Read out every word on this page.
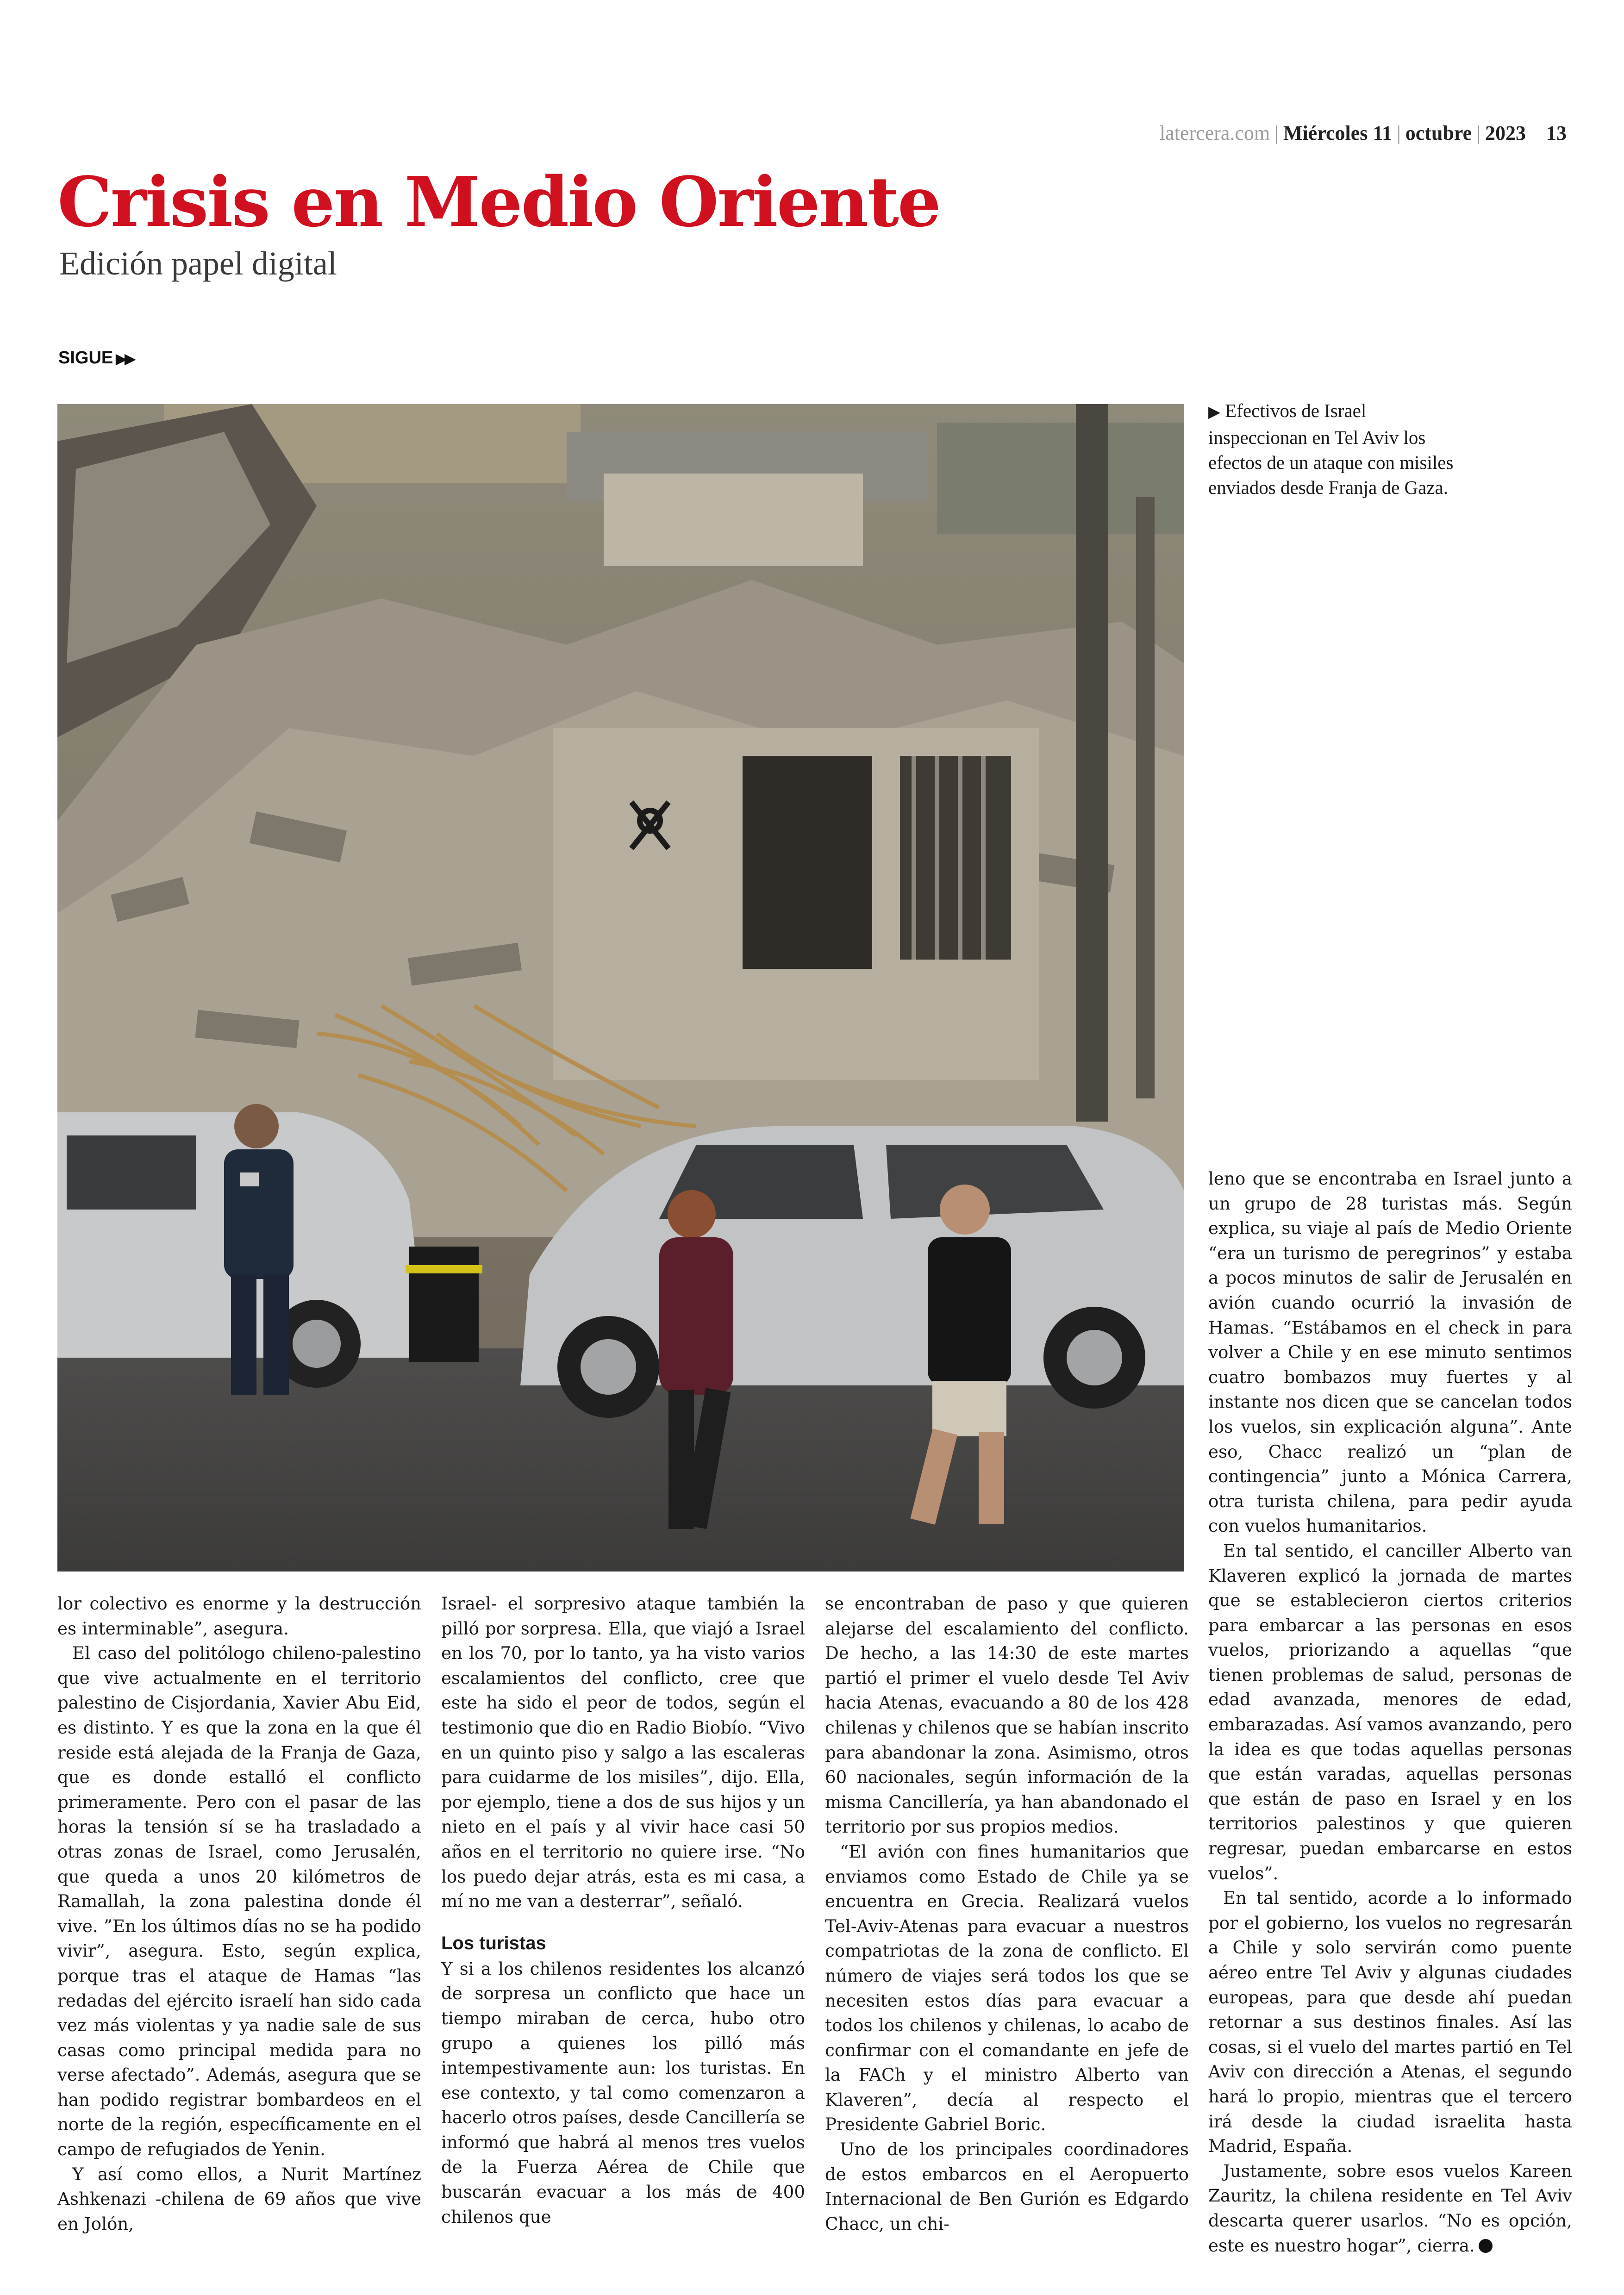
latercera.com | Miércoles 11 | octubre | 2023 13
Crisis en Medio Oriente
Edición papel digital
SIGUE ▶▶
▶ Efectivos de Israel inspeccionan en Tel Aviv los efectos de un ataque con misiles enviados desde Franja de Gaza.

lor colectivo es enorme y la destrucción es interminable”, asegura.

El caso del politólogo chileno-palestino que vive actualmente en el territorio palestino de Cisjordania, Xavier Abu Eid, es distinto. Y es que la zona en la que él reside está alejada de la Franja de Gaza, que es donde estalló el conflicto primeramente. Pero con el pasar de las horas la tensión sí se ha trasladado a otras zonas de Israel, como Jerusalén, que queda a unos 20 kilómetros de Ramallah, la zona palestina donde él vive. ”En los últimos días no se ha podido vivir”, asegura. Esto, según explica, porque tras el ataque de Hamas “las redadas del ejército israelí han sido cada vez más violentas y ya nadie sale de sus casas como principal medida para no verse afectado”. Además, asegura que se han podido registrar bombardeos en el norte de la región, específicamente en el campo de refugiados de Yenin.

Y así como ellos, a Nurit Martínez Ashkenazi -chilena de 69 años que vive en Jolón,

Israel- el sorpresivo ataque también la pilló por sorpresa. Ella, que viajó a Israel en los 70, por lo tanto, ya ha visto varios escalamientos del conflicto, cree que este ha sido el peor de todos, según el testimonio que dio en Radio Biobío. “Vivo en un quinto piso y salgo a las escaleras para cuidarme de los misiles”, dijo. Ella, por ejemplo, tiene a dos de sus hijos y un nieto en el país y al vivir hace casi 50 años en el territorio no quiere irse. “No los puedo dejar atrás, esta es mi casa, a mí no me van a desterrar”, señaló.

Los turistas

Y si a los chilenos residentes los alcanzó de sorpresa un conflicto que hace un tiempo miraban de cerca, hubo otro grupo a quienes los pilló más intempestivamente aun: los turistas. En ese contexto, y tal como comenzaron a hacerlo otros países, desde Cancillería se informó que habrá al menos tres vuelos de la Fuerza Aérea de Chile que buscarán evacuar a los más de 400 chilenos que

se encontraban de paso y que quieren alejarse del escalamiento del conflicto. De hecho, a las 14:30 de este martes partió el primer el vuelo desde Tel Aviv hacia Atenas, evacuando a 80 de los 428 chilenas y chilenos que se habían inscrito para abandonar la zona. Asimismo, otros 60 nacionales, según información de la misma Cancillería, ya han abandonado el territorio por sus propios medios.

“El avión con fines humanitarios que enviamos como Estado de Chile ya se encuentra en Grecia. Realizará vuelos Tel-Aviv-Atenas para evacuar a nuestros compatriotas de la zona de conflicto. El número de viajes será todos los que se necesiten estos días para evacuar a todos los chilenos y chilenas, lo acabo de confirmar con el comandante en jefe de la FACh y el ministro Alberto van Klaveren”, decía al respecto el Presidente Gabriel Boric.

Uno de los principales coordinadores de estos embarcos en el Aeropuerto Internacional de Ben Gurión es Edgardo Chacc, un chi-

leno que se encontraba en Israel junto a un grupo de 28 turistas más. Según explica, su viaje al país de Medio Oriente “era un turismo de peregrinos” y estaba a pocos minutos de salir de Jerusalén en avión cuando ocurrió la invasión de Hamas. “Estábamos en el check in para volver a Chile y en ese minuto sentimos cuatro bombazos muy fuertes y al instante nos dicen que se cancelan todos los vuelos, sin explicación alguna”. Ante eso, Chacc realizó un “plan de contingencia” junto a Mónica Carrera, otra turista chilena, para pedir ayuda con vuelos humanitarios.

En tal sentido, el canciller Alberto van Klaveren explicó la jornada de martes que se establecieron ciertos criterios para embarcar a las personas en esos vuelos, priorizando a aquellas “que tienen problemas de salud, personas de edad avanzada, menores de edad, embarazadas. Así vamos avanzando, pero la idea es que todas aquellas personas que están varadas, aquellas personas que están de paso en Israel y en los territorios palestinos y que quieren regresar, puedan embarcarse en estos vuelos”.

En tal sentido, acorde a lo informado por el gobierno, los vuelos no regresarán a Chile y solo servirán como puente aéreo entre Tel Aviv y algunas ciudades europeas, para que desde ahí puedan retornar a sus destinos finales. Así las cosas, si el vuelo del martes partió en Tel Aviv con dirección a Atenas, el segundo hará lo propio, mientras que el tercero irá desde la ciudad israelita hasta Madrid, España.

Justamente, sobre esos vuelos Kareen Zauritz, la chilena residente en Tel Aviv descarta querer usarlos. “No es opción, este es nuestro hogar”, cierra.
